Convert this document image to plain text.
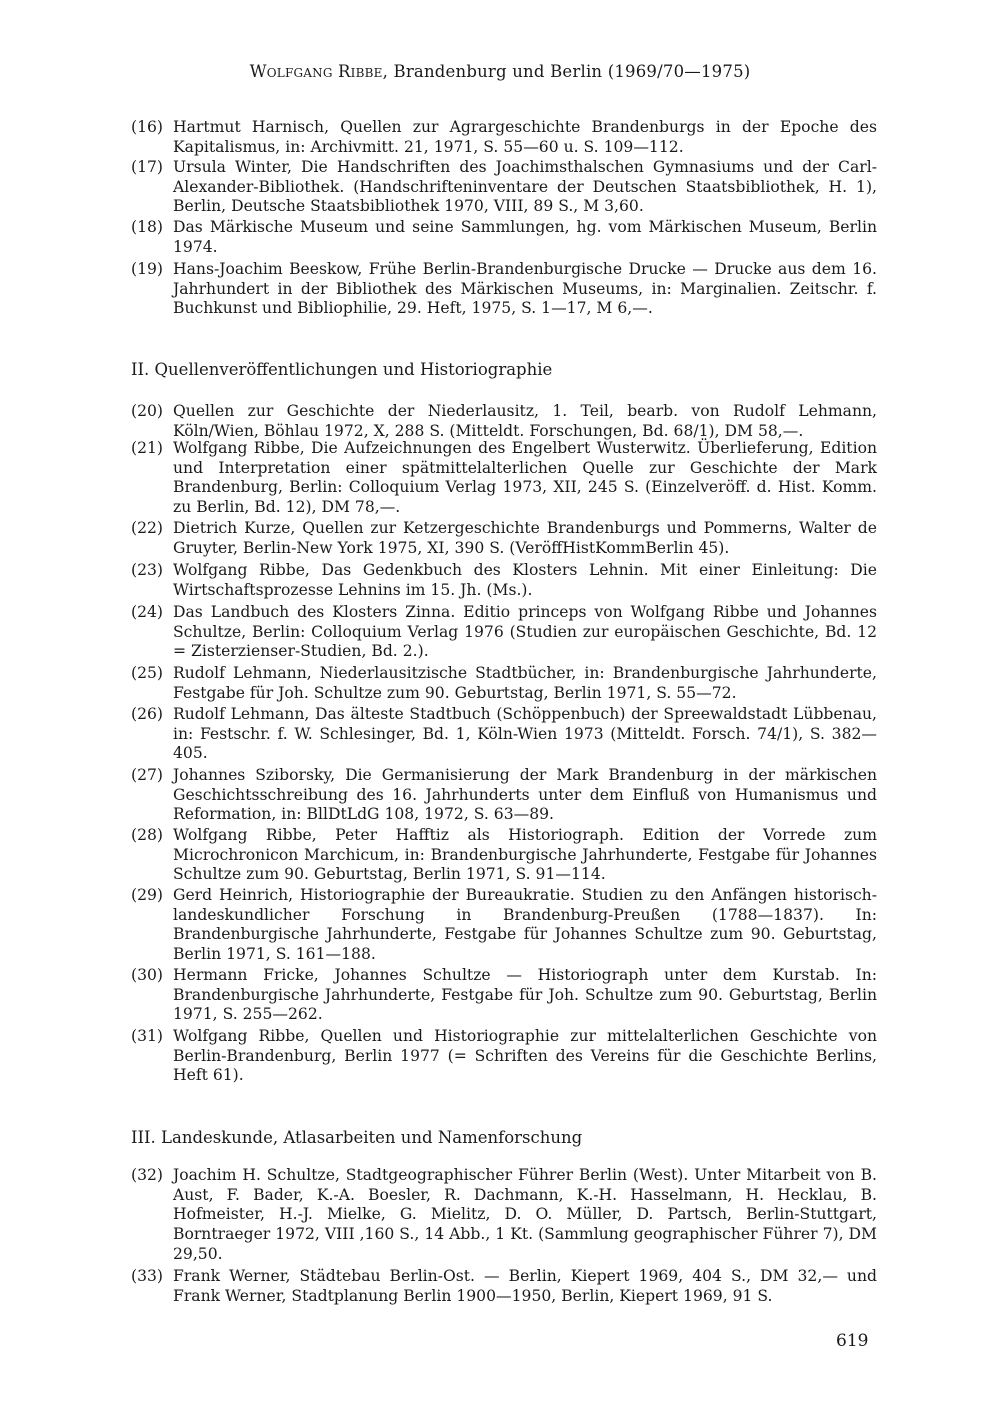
Wolfgang Ribbe, Brandenburg und Berlin (1969/70—1975)
(16) Hartmut Harnisch, Quellen zur Agrargeschichte Brandenburgs in der Epoche des Kapitalismus, in: Archivmitt. 21, 1971, S. 55—60 u. S. 109—112.
(17) Ursula Winter, Die Handschriften des Joachimsthalschen Gymnasiums und der Carl-Alexander-Bibliothek. (Handschrifteninventare der Deutschen Staatsbibliothek, H. 1), Berlin, Deutsche Staatsbibliothek 1970, VIII, 89 S., M 3,60.
(18) Das Märkische Museum und seine Sammlungen, hg. vom Märkischen Museum, Berlin 1974.
(19) Hans-Joachim Beeskow, Frühe Berlin-Brandenburgische Drucke — Drucke aus dem 16. Jahrhundert in der Bibliothek des Märkischen Museums, in: Marginalien. Zeitschr. f. Buchkunst und Bibliophilie, 29. Heft, 1975, S. 1—17, M 6,—.
II. Quellenveröffentlichungen und Historiographie
(20) Quellen zur Geschichte der Niederlausitz, 1. Teil, bearb. von Rudolf Lehmann, Köln/Wien, Böhlau 1972, X, 288 S. (Mitteldt. Forschungen, Bd. 68/1), DM 58,—.
(21) Wolfgang Ribbe, Die Aufzeichnungen des Engelbert Wusterwitz. Überlieferung, Edition und Interpretation einer spätmittelalterlichen Quelle zur Geschichte der Mark Brandenburg, Berlin: Colloquium Verlag 1973, XII, 245 S. (Einzelveröff. d. Hist. Komm. zu Berlin, Bd. 12), DM 78,—.
(22) Dietrich Kurze, Quellen zur Ketzergeschichte Brandenburgs und Pommerns, Walter de Gruyter, Berlin-New York 1975, XI, 390 S. (VeröffHistKommBerlin 45).
(23) Wolfgang Ribbe, Das Gedenkbuch des Klosters Lehnin. Mit einer Einleitung: Die Wirtschaftsprozesse Lehnins im 15. Jh. (Ms.).
(24) Das Landbuch des Klosters Zinna. Editio princeps von Wolfgang Ribbe und Johannes Schultze, Berlin: Colloquium Verlag 1976 (Studien zur europäischen Geschichte, Bd. 12 = Zisterzienser-Studien, Bd. 2.).
(25) Rudolf Lehmann, Niederlausitzische Stadtbücher, in: Brandenburgische Jahrhunderte, Festgabe für Joh. Schultze zum 90. Geburtstag, Berlin 1971, S. 55—72.
(26) Rudolf Lehmann, Das älteste Stadtbuch (Schöppenbuch) der Spreewaldstadt Lübbenau, in: Festschr. f. W. Schlesinger, Bd. 1, Köln-Wien 1973 (Mitteldt. Forsch. 74/1), S. 382—405.
(27) Johannes Sziborsky, Die Germanisierung der Mark Brandenburg in der märkischen Geschichtsschreibung des 16. Jahrhunderts unter dem Einfluß von Humanismus und Reformation, in: BllDtLdG 108, 1972, S. 63—89.
(28) Wolfgang Ribbe, Peter Hafftiz als Historiograph. Edition der Vorrede zum Microchronicon Marchicum, in: Brandenburgische Jahrhunderte, Festgabe für Johannes Schultze zum 90. Geburtstag, Berlin 1971, S. 91—114.
(29) Gerd Heinrich, Historiographie der Bureaukratie. Studien zu den Anfängen historisch-landeskundlicher Forschung in Brandenburg-Preußen (1788—1837). In: Brandenburgische Jahrhunderte, Festgabe für Johannes Schultze zum 90. Geburtstag, Berlin 1971, S. 161—188.
(30) Hermann Fricke, Johannes Schultze — Historiograph unter dem Kurstab. In: Brandenburgische Jahrhunderte, Festgabe für Joh. Schultze zum 90. Geburtstag, Berlin 1971, S. 255—262.
(31) Wolfgang Ribbe, Quellen und Historiographie zur mittelalterlichen Geschichte von Berlin-Brandenburg, Berlin 1977 (= Schriften des Vereins für die Geschichte Berlins, Heft 61).
III. Landeskunde, Atlasarbeiten und Namenforschung
(32) Joachim H. Schultze, Stadtgeographischer Führer Berlin (West). Unter Mitarbeit von B. Aust, F. Bader, K.-A. Boesler, R. Dachmann, K.-H. Hasselmann, H. Hecklau, B. Hofmeister, H.-J. Mielke, G. Mielitz, D. O. Müller, D. Partsch, Berlin-Stuttgart, Borntraeger 1972, VIII ,160 S., 14 Abb., 1 Kt. (Sammlung geographischer Führer 7), DM 29,50.
(33) Frank Werner, Städtebau Berlin-Ost. — Berlin, Kiepert 1969, 404 S., DM 32,— und Frank Werner, Stadtplanung Berlin 1900—1950, Berlin, Kiepert 1969, 91 S.
619
